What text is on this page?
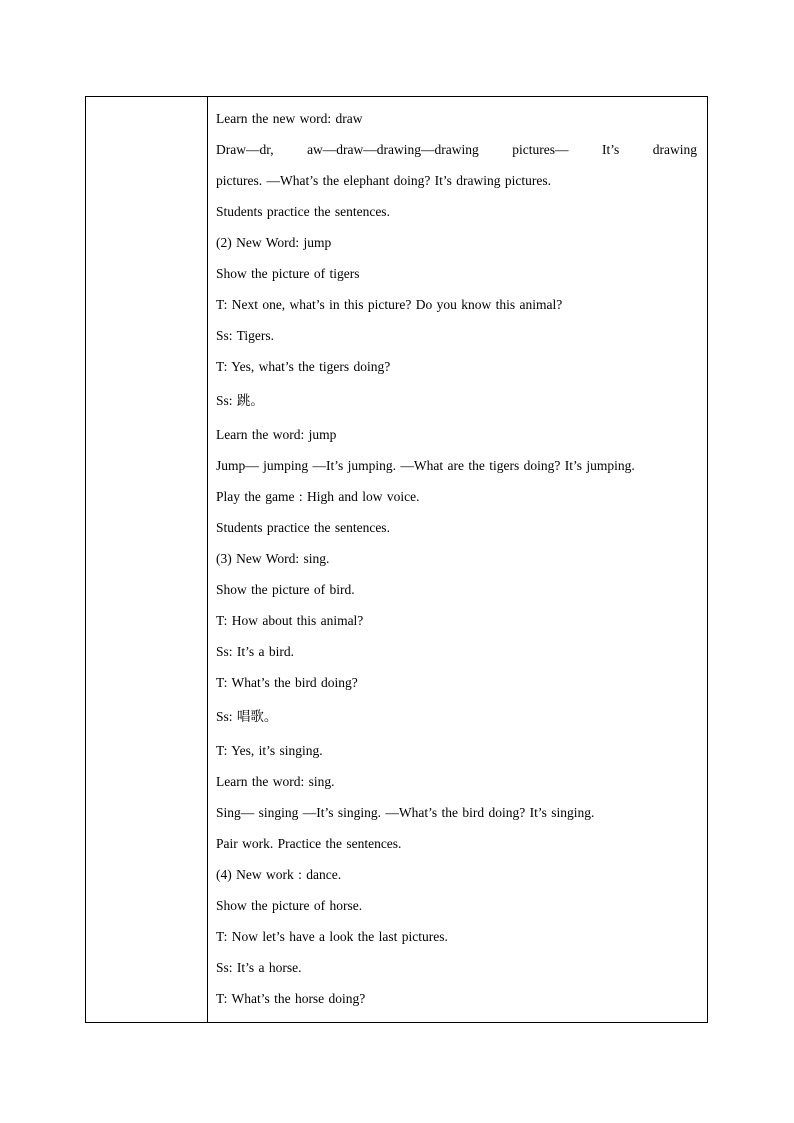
Learn the new word: draw
Draw—dr, aw—draw—drawing—drawing pictures— It’s drawing
pictures. —What’s the elephant doing? It’s drawing pictures.
Students practice the sentences.
(2) New Word: jump
Show the picture of tigers
T: Next one, what’s in this picture? Do you know this animal?
Ss: Tigers.
T: Yes, what’s the tigers doing?
Ss: 跳。
Learn the word: jump
Jump— jumping —It’s jumping. —What are the tigers doing? It’s jumping.
Play the game : High and low voice.
Students practice the sentences.
(3) New Word: sing.
Show the picture of bird.
T: How about this animal?
Ss: It’s a bird.
T: What’s the bird doing?
Ss: 唱歌。
T: Yes, it’s singing.
Learn the word: sing.
Sing— singing —It’s singing. —What’s the bird doing? It’s singing.
Pair work. Practice the sentences.
(4) New work : dance.
Show the picture of horse.
T: Now let’s have a look the last pictures.
Ss: It’s a horse.
T: What’s the horse doing?
